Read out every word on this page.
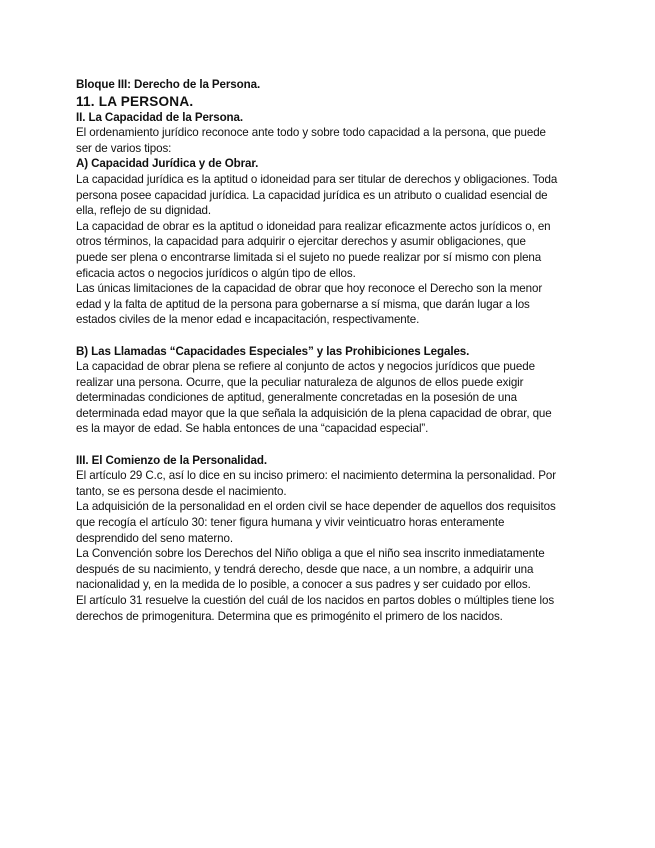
Bloque III: Derecho de la Persona.
11. LA PERSONA.
II. La Capacidad de la Persona.
El ordenamiento jurídico reconoce ante todo y sobre todo capacidad a la persona, que puede
ser de varios tipos:
A) Capacidad Jurídica y de Obrar.
La capacidad jurídica es la aptitud o idoneidad para ser titular de derechos y obligaciones. Toda
persona posee capacidad jurídica. La capacidad jurídica es un atributo o cualidad esencial de
ella, reflejo de su dignidad.
La capacidad de obrar es la aptitud o idoneidad para realizar eficazmente actos jurídicos o, en
otros términos, la capacidad para adquirir o ejercitar derechos y asumir obligaciones, que
puede ser plena o encontrarse limitada si el sujeto no puede realizar por sí mismo con plena
eficacia actos o negocios jurídicos o algún tipo de ellos.
Las únicas limitaciones de la capacidad de obrar que hoy reconoce el Derecho son la menor
edad y la falta de aptitud de la persona para gobernarse a sí misma, que darán lugar a los
estados civiles de la menor edad e incapacitación, respectivamente.
B) Las Llamadas “Capacidades Especiales” y las Prohibiciones Legales.
La capacidad de obrar plena se refiere al conjunto de actos y negocios jurídicos que puede
realizar una persona. Ocurre, que la peculiar naturaleza de algunos de ellos puede exigir
determinadas condiciones de aptitud, generalmente concretadas en la posesión de una
determinada edad mayor que la que señala la adquisición de la plena capacidad de obrar, que
es la mayor de edad. Se habla entonces de una “capacidad especial”.
III. El Comienzo de la Personalidad.
El artículo 29 C.c, así lo dice en su inciso primero: el nacimiento determina la personalidad. Por
tanto, se es persona desde el nacimiento.
La adquisición de la personalidad en el orden civil se hace depender de aquellos dos requisitos
que recogía el artículo 30: tener figura humana y vivir veinticuatro horas enteramente
desprendido del seno materno.
La Convención sobre los Derechos del Niño obliga a que el niño sea inscrito inmediatamente
después de su nacimiento, y tendrá derecho, desde que nace, a un nombre, a adquirir una
nacionalidad y, en la medida de lo posible, a conocer a sus padres y ser cuidado por ellos.
El artículo 31 resuelve la cuestión del cuál de los nacidos en partos dobles o múltiples tiene los
derechos de primogenitura. Determina que es primogénito el primero de los nacidos.
